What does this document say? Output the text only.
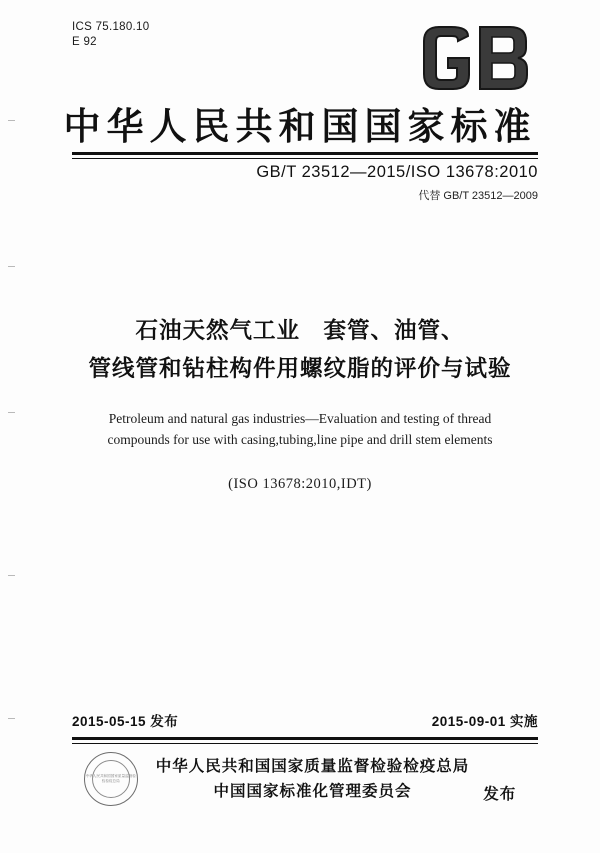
ICS 75.180.10
E 92
中华人民共和国国家标准
GB/T 23512—2015/ISO 13678:2010
代替 GB/T 23512—2009
石油天然气工业　套管、油管、
管线管和钻柱构件用螺纹脂的评价与试验
Petroleum and natural gas industries—Evaluation and testing of thread
compounds for use with casing,tubing,line pipe and drill stem elements
(ISO 13678:2010,IDT)
2015-05-15 发布	2015-09-01 实施
中华人民共和国国家质量监督检验检疫总局
中华人民共和国国家质量监督检验检疫总局
中国国家标准化管理委员会	发布
